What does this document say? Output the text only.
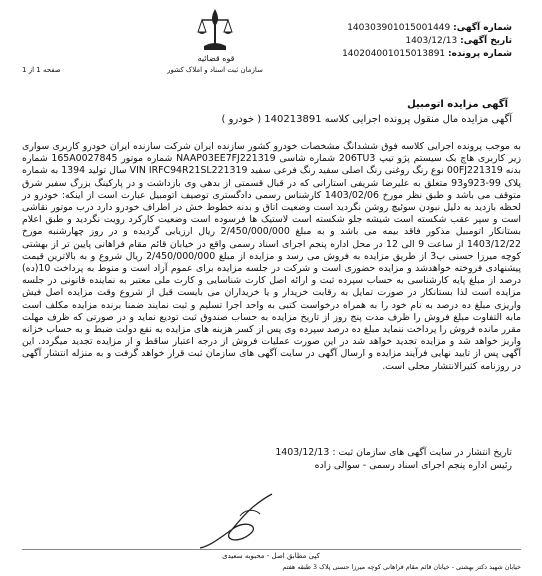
قوه قضائیه
سازمان ثبت اسناد و املاک کشور
شماره آگهی: 140303901015001449
تاریخ آگهی: 1403/12/13
شماره پرونده: 140204001015013891
صفحه 1 از 1
آگهی مزایده اتومبیل
آگهی مزایده مال منقول پرونده اجرایی کلاسه 140213891 ( خودرو )

به موجب پرونده اجرایی کلاسه فوق ششدانگ مشخصات خودرو کشور سازنده ایران شرکت سازنده ایران خودرو کاربری سواری زیر کاربری هاچ بک سیستم پژو تیپ 206TU3 شماره شاسی NAAP03EE7FJ221319 شماره موتور 165A0027845 شماره بدنه 00FJ221319 نوع رنگ روغنی رنگ اصلی سفید رنگ فرعی سفید VIN IRFC94R21SL221319 سال تولید 1394 به شماره پلاک 99-923و93 متعلق به علیرضا شریفی استارانی که در قبال قسمتی از بدهی وی بازداشت و در پارکینگ بزرگ سفیر شرق متوقف می باشد و طبق نظر مورخ 1403/02/06 کارشناس رسمی دادگستری توصیف اتومبیل عبارت است از اینکه: خودرو در لحظه بازدید به دلیل نبودن سوئیچ روشن نگردید است وضعیت اتاق و بدنه خطوط خش در اطراف خودرو دارد درب موتور نقاشی است و سپر عقب شکسته است شیشه جلو شکسته است لاستیک ها فرسوده است وضعیت کارکرد رویت نگردید و طبق اعلام بستانکار اتومبیل مذکور فاقد بیمه می باشد و به مبلغ 2/450/000/000 ریال ارزیابی گردیده و در روز چهارشنبه مورخ 1403/12/22 از ساعت 9 الی 12 در محل اداره پنجم اجرای اسناد رسمی واقع در خیابان قائم مقام فراهانی پایین تر از بهشتی کوچه میرزا حسنی پ3 از طریق مزایده به فروش می رسد و مزایده از مبلغ 2/450/000/000 ریال شروع و به بالاترین قیمت پیشنهادی فروخته خواهدشد و مزایده حضوری است و شرکت در جلسه مزایده برای عموم آزاد است و منوط به پرداخت 10(ده) درصد از مبلغ پایه کارشناسی به حساب سپرده ثبت و ارائه اصل کارت شناسایی و کارت ملی معتبر به نماینده قانونی در جلسه مزایده است لذا بستانکار در صورت تمایل به رقابت خریدار و یا خریداران می بایست قبل از شروع وقت مزایده اصل فیش واریزی مبلغ ده درصد به نام خود را به همراه درخواست کتبی به واحد اجرا تسلیم و ثبت نمایند ضمنا برنده مزایده مکلف است مابه التفاوت مبلغ فروش را ظرف مدت پنج روز از تاریخ مزایده به حساب صندوق ثبت تودیع نماید و در صورتی که ظرف مهلت مقرر مانده فروش را پرداخت ننماید مبلغ ده درصد سپرده وی پس از کسر هزینه های مزایده به نفع دولت ضبط و به حساب خزانه واریز خواهد شد و مزایده تجدید خواهد شد در این صورت عملیات فروش از درجه اعتبار ساقط و از مزایده تجدید میگردد. این آگهی پس از تایید نهایی فرآیند مزایده و ارسال آگهی در سایت آگهی های سازمان ثبت قرار خواهد گرفت و به منزله انتشار آگهی در روزنامه کثیرالانتشار محلی است.

تاریخ انتشار در سایت آگهی های سازمان ثبت : 1403/12/13
رئیس اداره پنجم اجرای اسناد رسمی - سوالی زاده
کپی مطابق اصل - محبوبه سعیدی
خیابان شهید دکتر بهشتی - خیابان قائم مقام فراهانی کوچه میرزا حسنی پلاک 3 طبقه هفتم
